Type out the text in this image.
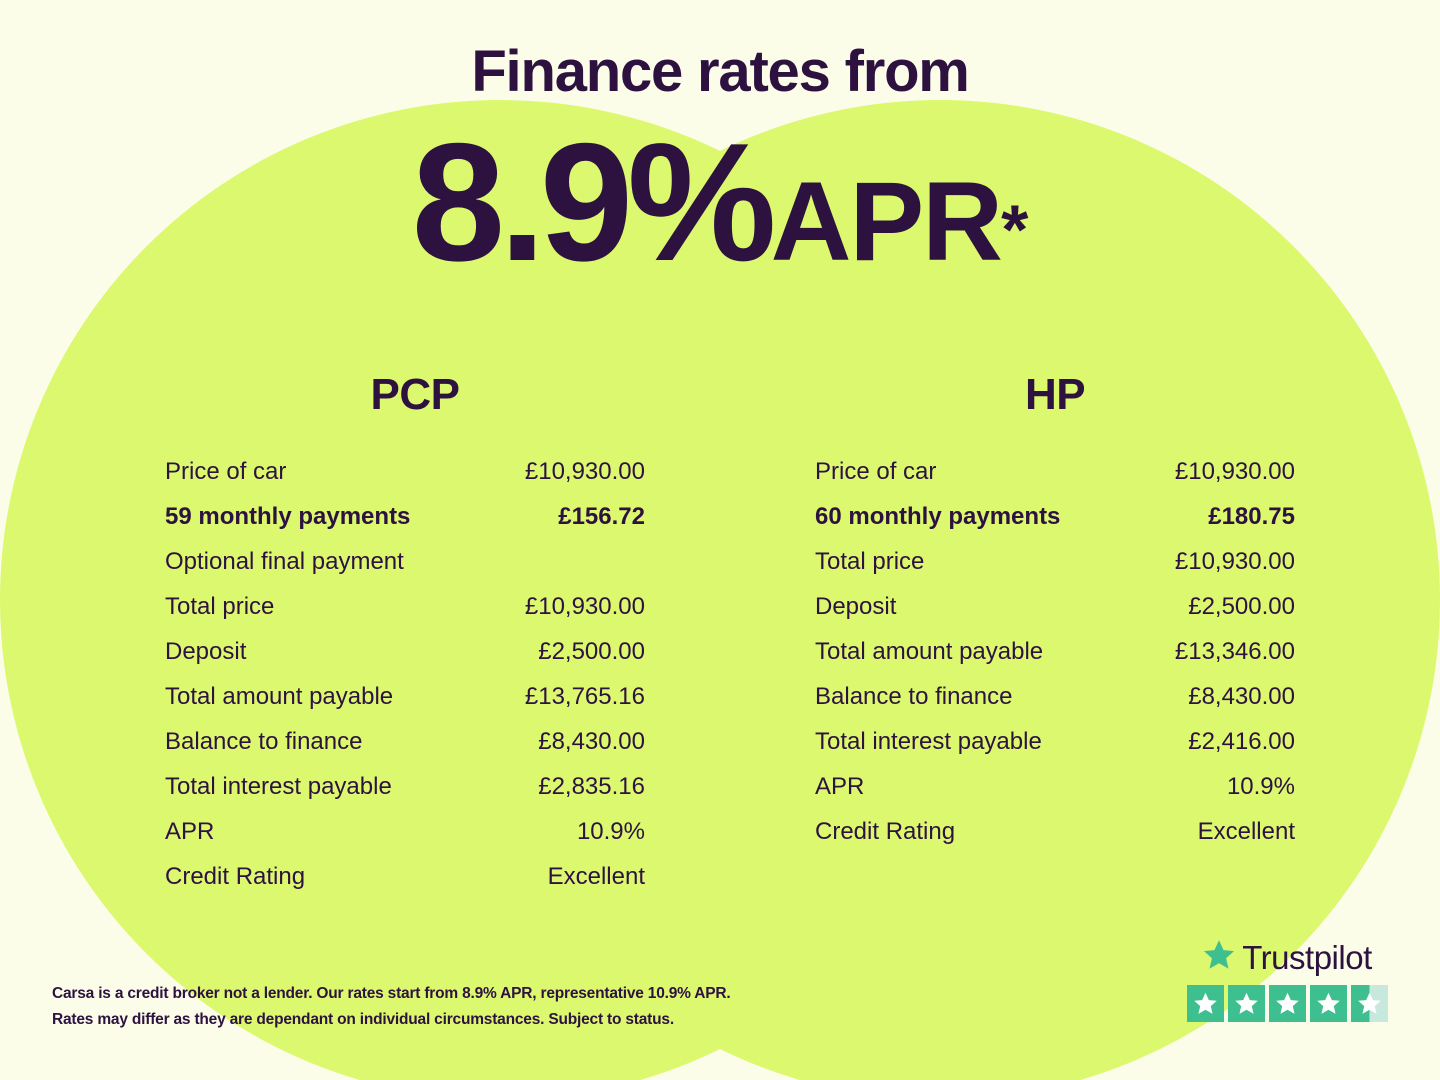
Finance rates from
8.9%APR*
PCP
Price of car	£10,930.00
59 monthly payments	£156.72
Optional final payment	
Total price	£10,930.00
Deposit	£2,500.00
Total amount payable	£13,765.16
Balance to finance	£8,430.00
Total interest payable	£2,835.16
APR	10.9%
Credit Rating	Excellent
HP
Price of car	£10,930.00
60 monthly payments	£180.75
Total price	£10,930.00
Deposit	£2,500.00
Total amount payable	£13,346.00
Balance to finance	£8,430.00
Total interest payable	£2,416.00
APR	10.9%
Credit Rating	Excellent
Carsa is a credit broker not a lender. Our rates start from 8.9% APR, representative 10.9% APR.
Rates may differ as they are dependant on individual circumstances. Subject to status.
Trustpilot
